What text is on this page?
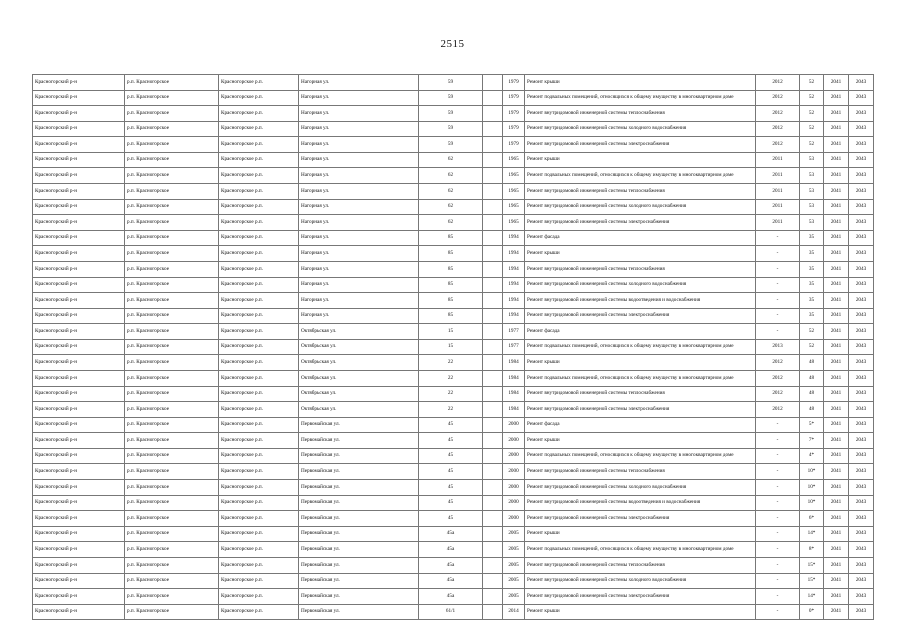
2515
Красногорский р-н	р.п. Красногорское	Красногорское р.п.	Нагорная ул.	59		1979	Ремонт крыши	2012	52	2041	2043
Красногорский р-н	р.п. Красногорское	Красногорское р.п.	Нагорная ул.	59		1979	Ремонт подвальных помещений, относящихся к общему имуществу в многоквартирном доме	2012	52	2041	2043
Красногорский р-н	р.п. Красногорское	Красногорское р.п.	Нагорная ул.	59		1979	Ремонт внутридомовой инженерной системы теплоснабжения	2012	52	2041	2043
Красногорский р-н	р.п. Красногорское	Красногорское р.п.	Нагорная ул.	59		1979	Ремонт внутридомовой инженерной системы холодного водоснабжения	2012	52	2041	2043
Красногорский р-н	р.п. Красногорское	Красногорское р.п.	Нагорная ул.	59		1979	Ремонт внутридомовой инженерной системы электроснабжения	2012	52	2041	2043
Красногорский р-н	р.п. Красногорское	Красногорское р.п.	Нагорная ул.	62		1965	Ремонт крыши	2011	53	2041	2043
Красногорский р-н	р.п. Красногорское	Красногорское р.п.	Нагорная ул.	62		1965	Ремонт подвальных помещений, относящихся к общему имуществу в многоквартирном доме	2011	53	2041	2043
Красногорский р-н	р.п. Красногорское	Красногорское р.п.	Нагорная ул.	62		1965	Ремонт внутридомовой инженерной системы теплоснабжения	2011	53	2041	2043
Красногорский р-н	р.п. Красногорское	Красногорское р.п.	Нагорная ул.	62		1965	Ремонт внутридомовой инженерной системы холодного водоснабжения	2011	53	2041	2043
Красногорский р-н	р.п. Красногорское	Красногорское р.п.	Нагорная ул.	62		1965	Ремонт внутридомовой инженерной системы электроснабжения	2011	53	2041	2043
Красногорский р-н	р.п. Красногорское	Красногорское р.п.	Нагорная ул.	85		1994	Ремонт фасада	-	35	2041	2043
Красногорский р-н	р.п. Красногорское	Красногорское р.п.	Нагорная ул.	85		1994	Ремонт крыши	-	35	2041	2043
Красногорский р-н	р.п. Красногорское	Красногорское р.п.	Нагорная ул.	85		1994	Ремонт внутридомовой инженерной системы теплоснабжения	-	35	2041	2043
Красногорский р-н	р.п. Красногорское	Красногорское р.п.	Нагорная ул.	85		1994	Ремонт внутридомовой инженерной системы холодного водоснабжения	-	35	2041	2043
Красногорский р-н	р.п. Красногорское	Красногорское р.п.	Нагорная ул.	85		1994	Ремонт внутридомовой инженерной системы водоотведения и водоснабжения	-	35	2041	2043
Красногорский р-н	р.п. Красногорское	Красногорское р.п.	Нагорная ул.	85		1994	Ремонт внутридомовой инженерной системы электроснабжения	-	35	2041	2043
Красногорский р-н	р.п. Красногорское	Красногорское р.п.	Октябрьская ул.	15		1977	Ремонт фасада	-	52	2041	2043
Красногорский р-н	р.п. Красногорское	Красногорское р.п.	Октябрьская ул.	15		1977	Ремонт подвальных помещений, относящихся к общему имуществу в многоквартирном доме	2013	52	2041	2043
Красногорский р-н	р.п. Красногорское	Красногорское р.п.	Октябрьская ул.	22		1984	Ремонт крыши	2012	48	2041	2043
Красногорский р-н	р.п. Красногорское	Красногорское р.п.	Октябрьская ул.	22		1984	Ремонт подвальных помещений, относящихся к общему имуществу в многоквартирном доме	2012	48	2041	2043
Красногорский р-н	р.п. Красногорское	Красногорское р.п.	Октябрьская ул.	22		1984	Ремонт внутридомовой инженерной системы теплоснабжения	2012	48	2041	2043
Красногорский р-н	р.п. Красногорское	Красногорское р.п.	Октябрьская ул.	22		1984	Ремонт внутридомовой инженерной системы электроснабжения	2012	48	2041	2043
Красногорский р-н	р.п. Красногорское	Красногорское р.п.	Первомайская ул.	45		2000	Ремонт фасада	-	5*	2041	2043
Красногорский р-н	р.п. Красногорское	Красногорское р.п.	Первомайская ул.	45		2000	Ремонт крыши	-	7*	2041	2043
Красногорский р-н	р.п. Красногорское	Красногорское р.п.	Первомайская ул.	45		2000	Ремонт подвальных помещений, относящихся к общему имуществу в многоквартирном доме	-	4*	2041	2043
Красногорский р-н	р.п. Красногорское	Красногорское р.п.	Первомайская ул.	45		2000	Ремонт внутридомовой инженерной системы теплоснабжения	-	10*	2041	2043
Красногорский р-н	р.п. Красногорское	Красногорское р.п.	Первомайская ул.	45		2000	Ремонт внутридомовой инженерной системы холодного водоснабжения	-	10*	2041	2043
Красногорский р-н	р.п. Красногорское	Красногорское р.п.	Первомайская ул.	45		2000	Ремонт внутридомовой инженерной системы водоотведения и водоснабжения	-	10*	2041	2043
Красногорский р-н	р.п. Красногорское	Красногорское р.п.	Первомайская ул.	45		2000	Ремонт внутридомовой инженерной системы электроснабжения	-	6*	2041	2043
Красногорский р-н	р.п. Красногорское	Красногорское р.п.	Первомайская ул.	45а		2005	Ремонт крыши	-	14*	2041	2043
Красногорский р-н	р.п. Красногорское	Красногорское р.п.	Первомайская ул.	45а		2005	Ремонт подвальных помещений, относящихся к общему имуществу в многоквартирном доме	-	8*	2041	2043
Красногорский р-н	р.п. Красногорское	Красногорское р.п.	Первомайская ул.	45а		2005	Ремонт внутридомовой инженерной системы теплоснабжения	-	15*	2041	2043
Красногорский р-н	р.п. Красногорское	Красногорское р.п.	Первомайская ул.	45а		2005	Ремонт внутридомовой инженерной системы холодного водоснабжения	-	15*	2041	2043
Красногорский р-н	р.п. Красногорское	Красногорское р.п.	Первомайская ул.	45а		2005	Ремонт внутридомовой инженерной системы электроснабжения	-	14*	2041	2043
Красногорский р-н	р.п. Красногорское	Красногорское р.п.	Первомайская ул.	61/1		2014	Ремонт крыши	-	0*	2041	2043
